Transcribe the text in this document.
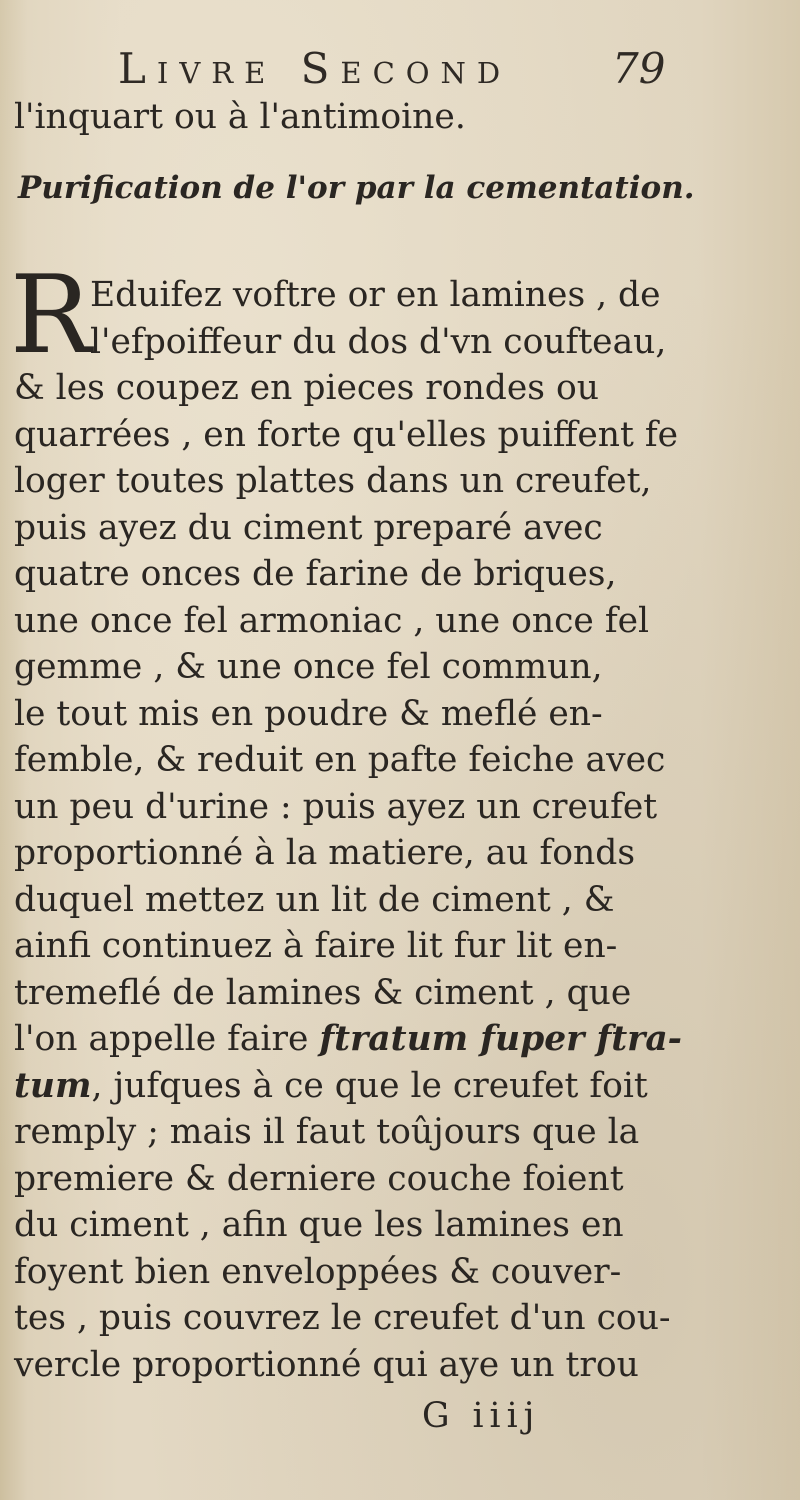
Livre Second 79
l'inquart ou à l'antimoine.
Purification de l'or par la cementation.
R
Eduifez voftre or en lamines , de
l'efpoiffeur du dos d'vn coufteau,
& les coupez en pieces rondes ou
quarrées , en forte qu'elles puiffent fe
loger toutes plattes dans un creufet,
puis ayez du ciment preparé avec
quatre onces de farine de briques,
une once fel armoniac , une once fel
gemme , & une once fel commun,
le tout mis en poudre & meflé en-
femble, & reduit en pafte feiche avec
un peu d'urine : puis ayez un creufet
proportionné à la matiere, au fonds
duquel mettez un lit de ciment , &
ainfi continuez à faire lit fur lit en-
tremeflé de lamines & ciment , que
l'on appelle faire ftratum fuper ftra-
tum, jufques à ce que le creufet foit
remply ; mais il faut toûjours que la
premiere & derniere couche foient
du ciment , afin que les lamines en
foyent bien enveloppées & couver-
tes , puis couvrez le creufet d'un cou-
vercle proportionné qui aye un trou
G iiij
